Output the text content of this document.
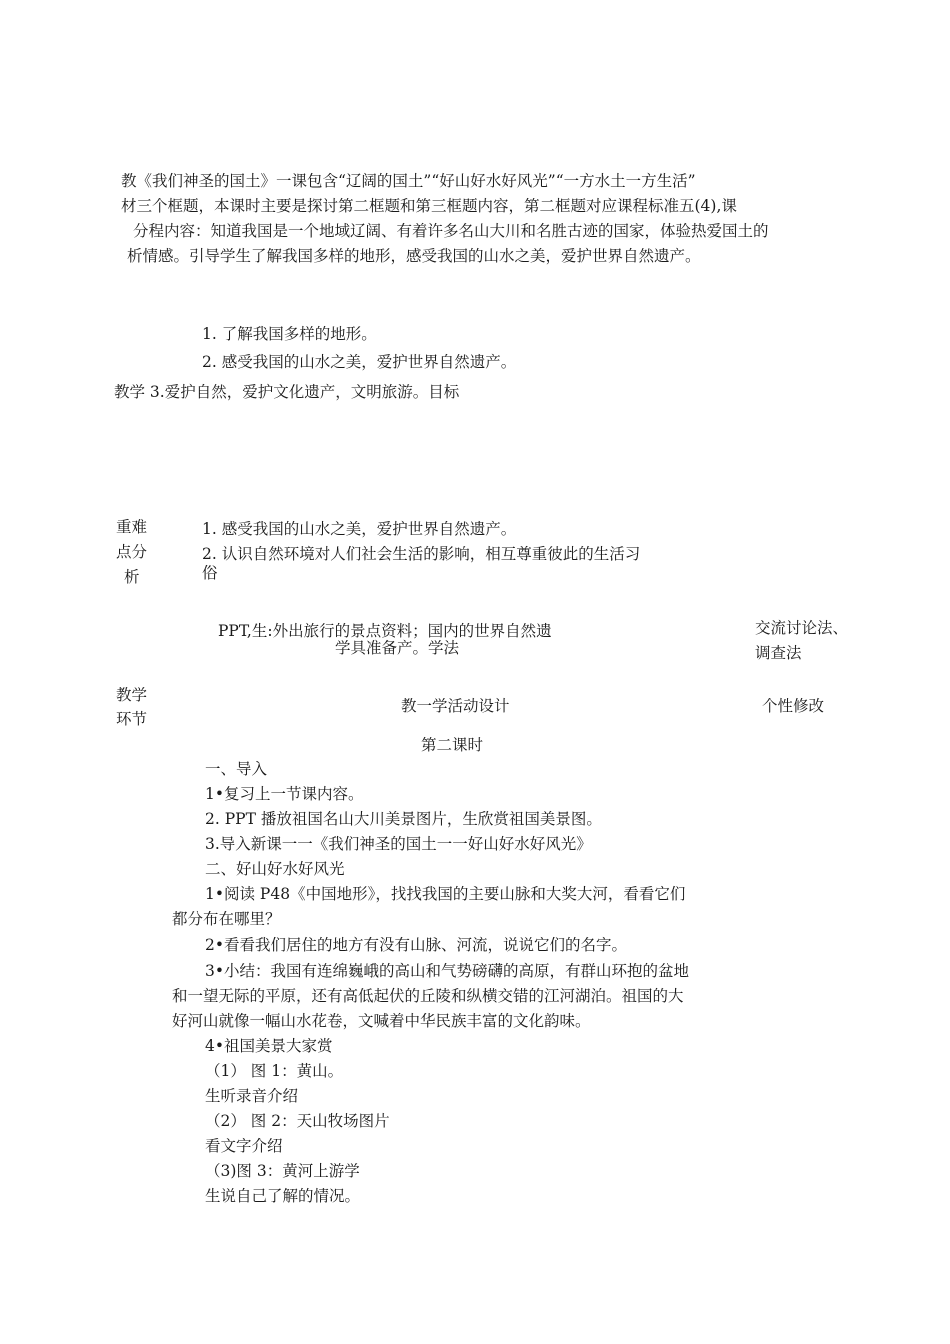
教《我们神圣的国土》一课包含“辽阔的国土”“好山好水好风光”“一方水土一方生活”

材三个框题，本课时主要是探讨第二框题和第三框题内容，第二框题对应课程标准五(4),课

分程内容：知道我国是一个地域辽阔、有着许多名山大川和名胜古迹的国家，体验热爱国土的

析情感。引导学生了解我国多样的地形，感受我国的山水之美，爱护世界自然遗产。

1. 了解我国多样的地形。

2. 感受我国的山水之美，爱护世界自然遗产。

教学 3.爱护自然，爱护文化遗产，文明旅游。目标

重难

点分

析

1. 感受我国的山水之美，爱护世界自然遗产。

2. 认识自然环境对人们社会生活的影响，相互尊重彼此的生活习

俗

PPT,生:外出旅行的景点资料；国内的世界自然遗

学具准备产。学法

交流讨论法、

调查法

教学

环节

教一学活动设计	个性修改

第二课时

一、导入

1•复习上一节课内容。

2. PPT 播放祖国名山大川美景图片，生欣赏祖国美景图。

3.导入新课一一《我们神圣的国土一一好山好水好风光》

二、好山好水好风光

1•阅读 P48《中国地形》，找找我国的主要山脉和大奖大河，看看它们

都分布在哪里？

2•看看我们居住的地方有没有山脉、河流，说说它们的名字。

3•小结：我国有连绵巍峨的高山和气势磅礴的高原，有群山环抱的盆地

和一望无际的平原，还有高低起伏的丘陵和纵横交错的江河湖泊。祖国的大

好河山就像一幅山水花卷，文喊着中华民族丰富的文化韵味。

4•祖国美景大家赏

（1） 图 1：黄山。

生听录音介绍

（2） 图 2：天山牧场图片

看文字介绍

（3)图 3：黄河上游学

生说自己了解的情况。
